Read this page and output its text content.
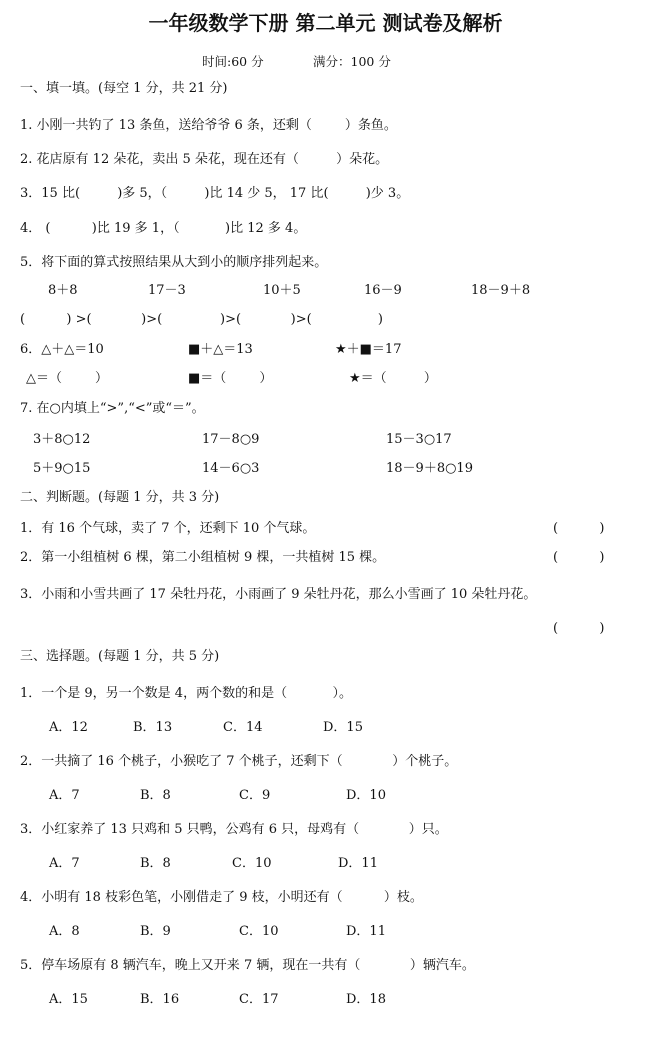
一年级数学下册 第二单元 测试卷及解析
时间:60 分	满分：100 分
一、填一填。(每空 1 分，共 21 分)
1. 小刚一共钓了 13 条鱼，送给爷爷 6 条，还剩（        ）条鱼。
2. 花店原有 12 朵花，卖出 5 朵花，现在还有（         ）朵花。
3．15 比(         )多 5，（         )比 14 少 5， 17 比(         )少 3。
4． (          )比 19 多 1，（           )比 12 多 4。
5．将下面的算式按照结果从大到小的顺序排列起来。
8＋8	17－3	10＋5	16－9	18－9＋8
(          ) >(            )>(              )>(            )>(                )
6．△＋△＝10	■＋△＝13	★＋■＝17
△＝（        ）	■＝（        ）	★＝（         ）
7. 在○内填上“>”,“<”或“＝”。
3＋8○12	17－8○9	15－3○17
5＋9○15	14－6○3	18－9＋8○19
二、判断题。(每题 1 分，共 3 分)
1．有 16 个气球，卖了 7 个，还剩下 10 个气球。	(          )
2．第一小组植树 6 棵，第二小组植树 9 棵，一共植树 15 棵。	(          )
3．小雨和小雪共画了 17 朵牡丹花，小雨画了 9 朵牡丹花，那么小雪画了 10 朵牡丹花。
(          )
三、选择题。(每题 1 分，共 5 分)
1．一个是 9，另一个数是 4，两个数的和是（           ）。
A．12	B．13	C．14	D．15
2．一共摘了 16 个桃子，小猴吃了 7 个桃子，还剩下（            ）个桃子。
A．7	B．8	C．9	D．10
3．小红家养了 13 只鸡和 5 只鸭，公鸡有 6 只，母鸡有（            ）只。
A．7	B．8	C．10	D．11
4．小明有 18 枝彩色笔，小刚借走了 9 枝，小明还有（          ）枝。
A．8	B．9	C．10	D．11
5．停车场原有 8 辆汽车，晚上又开来 7 辆，现在一共有（            ）辆汽车。
A．15	B．16	C．17	D．18
